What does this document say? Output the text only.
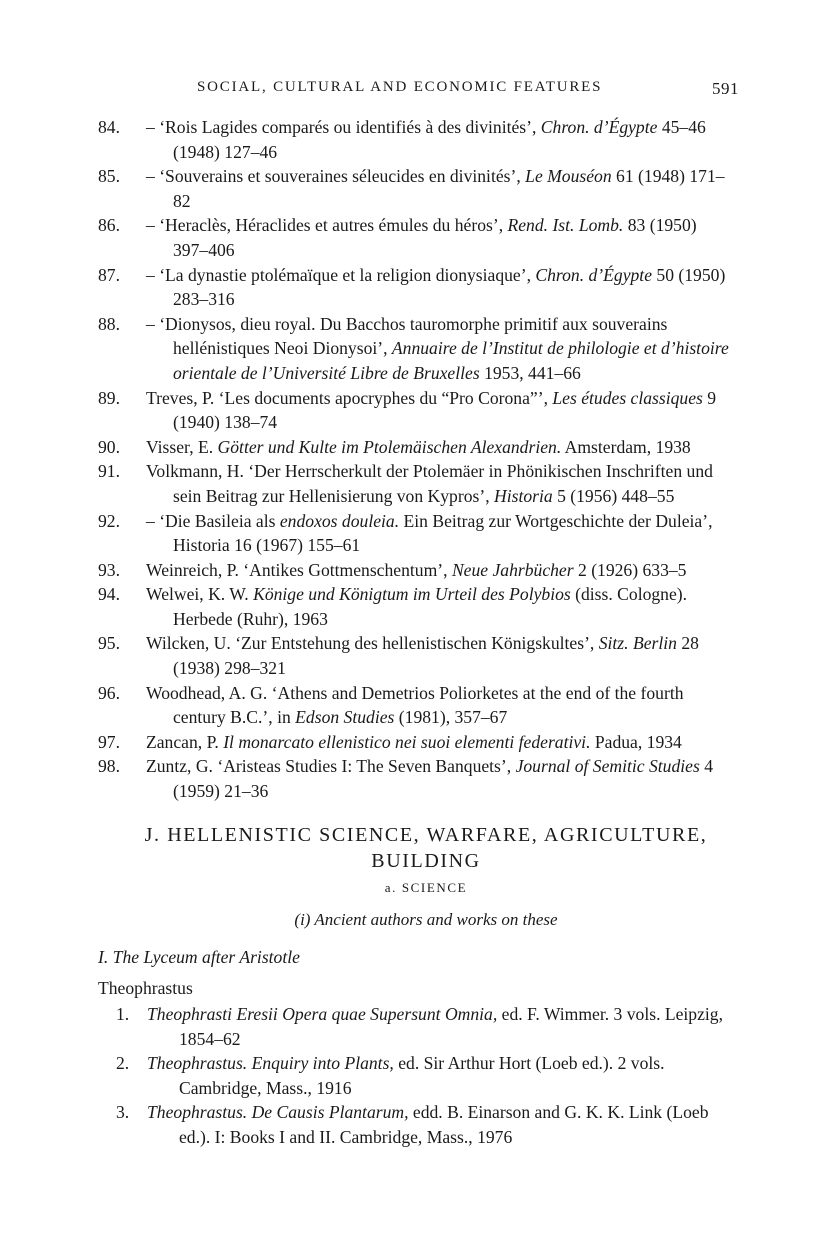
SOCIAL, CULTURAL AND ECONOMIC FEATURES	591

84.	– ‘Rois Lagides comparés ou identifiés à des divinités’, Chron. d’Égypte 45–46 (1948) 127–46

85.	– ‘Souverains et souveraines séleucides en divinités’, Le Mouséon 61 (1948) 171–82

86.	– ‘Heraclès, Héraclides et autres émules du héros’, Rend. Ist. Lomb. 83 (1950) 397–406

87.	– ‘La dynastie ptolémaïque et la religion dionysiaque’, Chron. d’Égypte 50 (1950) 283–316

88.	– ‘Dionysos, dieu royal. Du Bacchos tauromorphe primitif aux souverains hellénistiques Neoi Dionysoi’, Annuaire de l’Institut de philologie et d’histoire orientale de l’Université Libre de Bruxelles 1953, 441–66

89.	Treves, P. ‘Les documents apocryphes du “Pro Corona”’, Les études classiques 9 (1940) 138–74

90.	Visser, E. Götter und Kulte im Ptolemäischen Alexandrien. Amsterdam, 1938

91.	Volkmann, H. ‘Der Herrscherkult der Ptolemäer in Phönikischen Inschriften und sein Beitrag zur Hellenisierung von Kypros’, Historia 5 (1956) 448–55

92.	– ‘Die Basileia als endoxos douleia. Ein Beitrag zur Wortgeschichte der Duleia’, Historia 16 (1967) 155–61

93.	Weinreich, P. ‘Antikes Gottmenschentum’, Neue Jahrbücher 2 (1926) 633–5

94.	Welwei, K. W. Könige und Königtum im Urteil des Polybios (diss. Cologne). Herbede (Ruhr), 1963

95.	Wilcken, U. ‘Zur Entstehung des hellenistischen Königskultes’, Sitz. Berlin 28 (1938) 298–321

96.	Woodhead, A. G. ‘Athens and Demetrios Poliorketes at the end of the fourth century B.C.’, in Edson Studies (1981), 357–67

97.	Zancan, P. Il monarcato ellenistico nei suoi elementi federativi. Padua, 1934

98.	Zuntz, G. ‘Aristeas Studies I: The Seven Banquets’, Journal of Semitic Studies 4 (1959) 21–36

J. HELLENISTIC SCIENCE, WARFARE, AGRICULTURE,
BUILDING
a. SCIENCE
(i) Ancient authors and works on these
I. The Lyceum after Aristotle
Theophrastus

1.	Theophrasti Eresii Opera quae Supersunt Omnia, ed. F. Wimmer. 3 vols. Leipzig, 1854–62

2.	Theophrastus. Enquiry into Plants, ed. Sir Arthur Hort (Loeb ed.). 2 vols. Cambridge, Mass., 1916

3.	Theophrastus. De Causis Plantarum, edd. B. Einarson and G. K. K. Link (Loeb ed.). I: Books I and II. Cambridge, Mass., 1976
